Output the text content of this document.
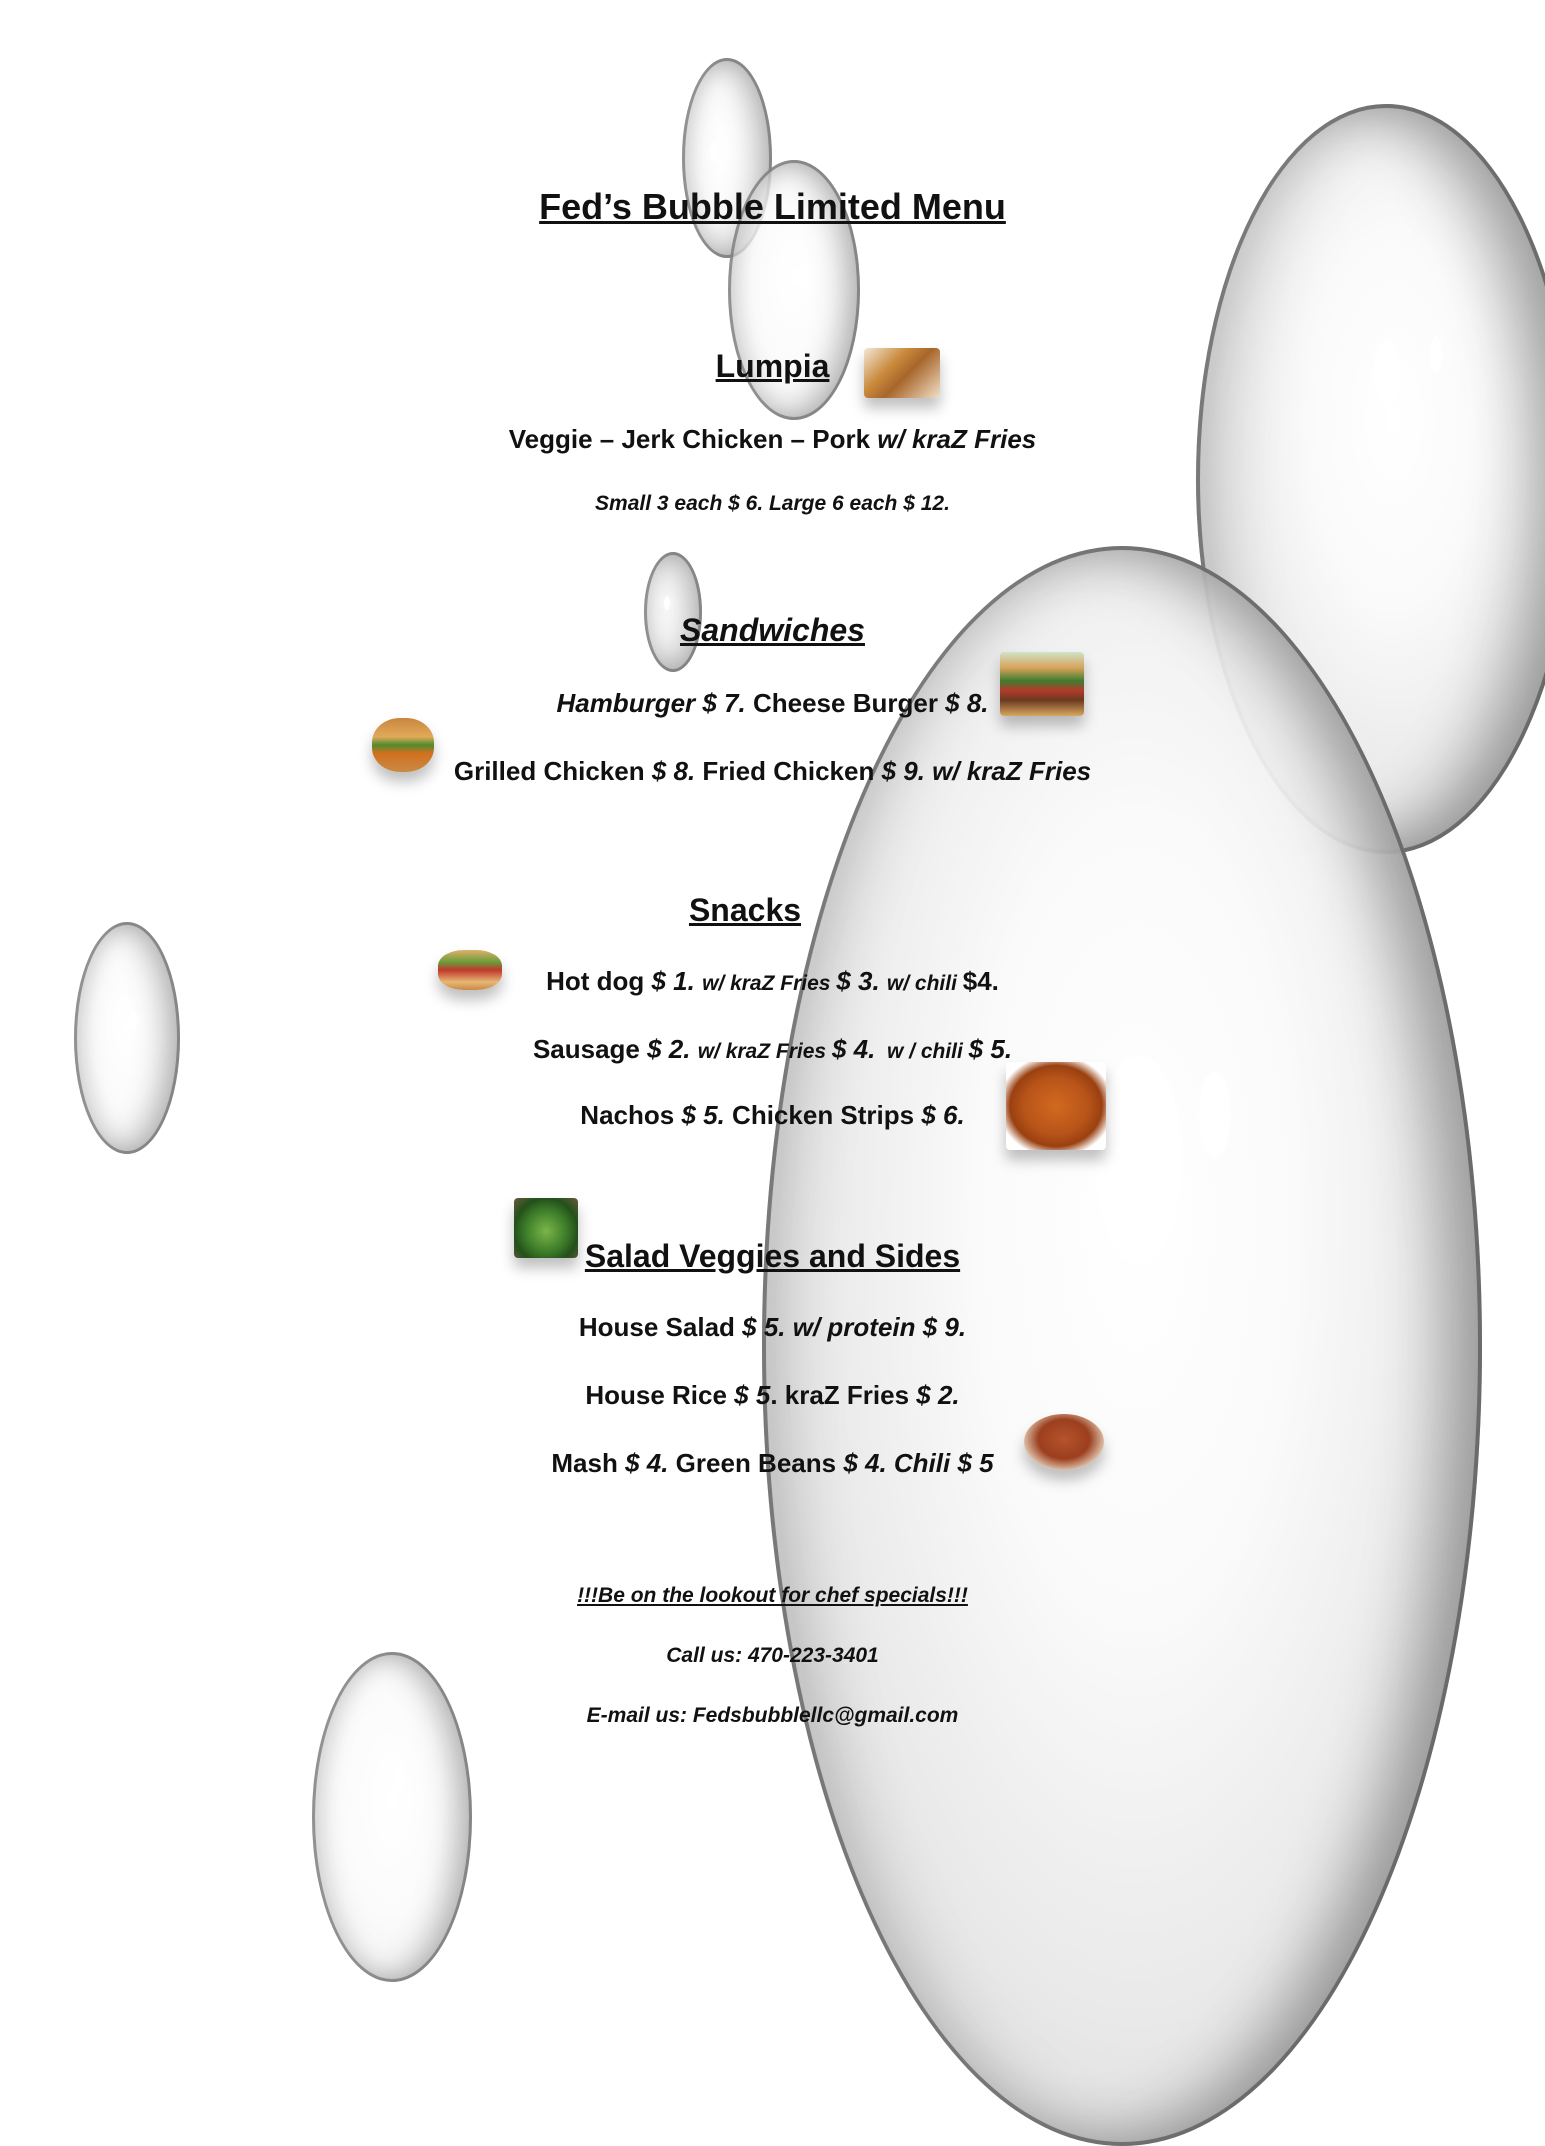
Fed’s Bubble Limited Menu
Lumpia
Veggie – Jerk Chicken – Pork w/ kraZ Fries
Small 3 each $ 6. Large 6 each $ 12.
Sandwiches
Hamburger $ 7. Cheese Burger $ 8.
Grilled Chicken $ 8. Fried Chicken $ 9. w/ kraZ Fries
Snacks
Hot dog $ 1. w/ kraZ Fries $ 3. w/ chili $4.
Sausage $ 2. w/ kraZ Fries $ 4.  w / chili $ 5.
Nachos $ 5. Chicken Strips $ 6.
Salad Veggies and Sides
House Salad $ 5. w/ protein $ 9.
House Rice $ 5. kraZ Fries $ 2.
Mash $ 4. Green Beans $ 4. Chili $ 5
!!!Be on the lookout for chef specials!!!
Call us: 470-223-3401
E-mail us: Fedsbubblellc@gmail.com
